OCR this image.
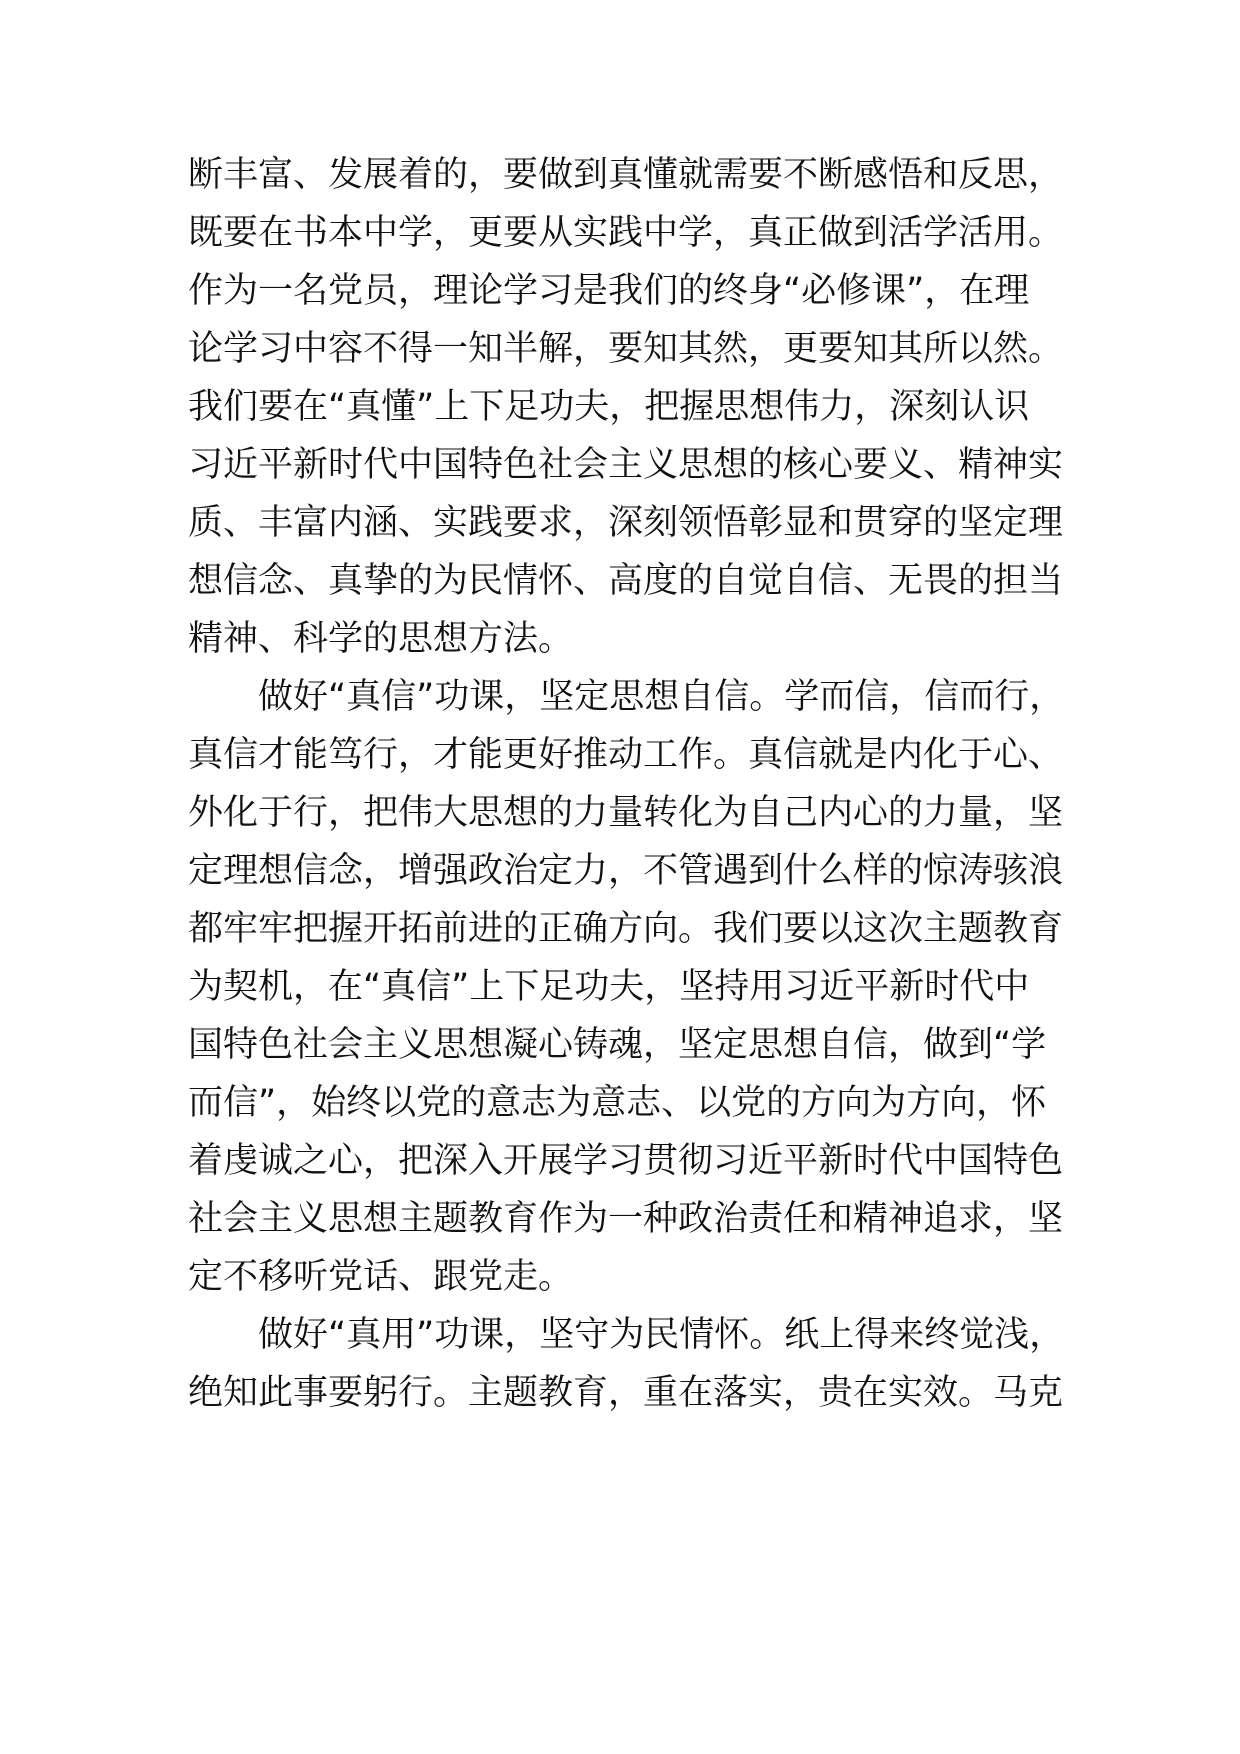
断丰富、发展着的，要做到真懂就需要不断感悟和反思，
既要在书本中学，更要从实践中学，真正做到活学活用。
作为一名党员，理论学习是我们的终身“必修课”，在理
论学习中容不得一知半解，要知其然，更要知其所以然。
我们要在“真懂”上下足功夫，把握思想伟力，深刻认识
习近平新时代中国特色社会主义思想的核心要义、精神实
质、丰富内涵、实践要求，深刻领悟彰显和贯穿的坚定理
想信念、真挚的为民情怀、高度的自觉自信、无畏的担当
精神、科学的思想方法。
做好“真信”功课，坚定思想自信。学而信，信而行，
真信才能笃行，才能更好推动工作。真信就是内化于心、
外化于行，把伟大思想的力量转化为自己内心的力量，坚
定理想信念，增强政治定力，不管遇到什么样的惊涛骇浪
都牢牢把握开拓前进的正确方向。我们要以这次主题教育
为契机，在“真信”上下足功夫，坚持用习近平新时代中
国特色社会主义思想凝心铸魂，坚定思想自信，做到“学
而信”，始终以党的意志为意志、以党的方向为方向，怀
着虔诚之心，把深入开展学习贯彻习近平新时代中国特色
社会主义思想主题教育作为一种政治责任和精神追求，坚
定不移听党话、跟党走。
做好“真用”功课，坚守为民情怀。纸上得来终觉浅，
绝知此事要躬行。主题教育，重在落实，贵在实效。马克
